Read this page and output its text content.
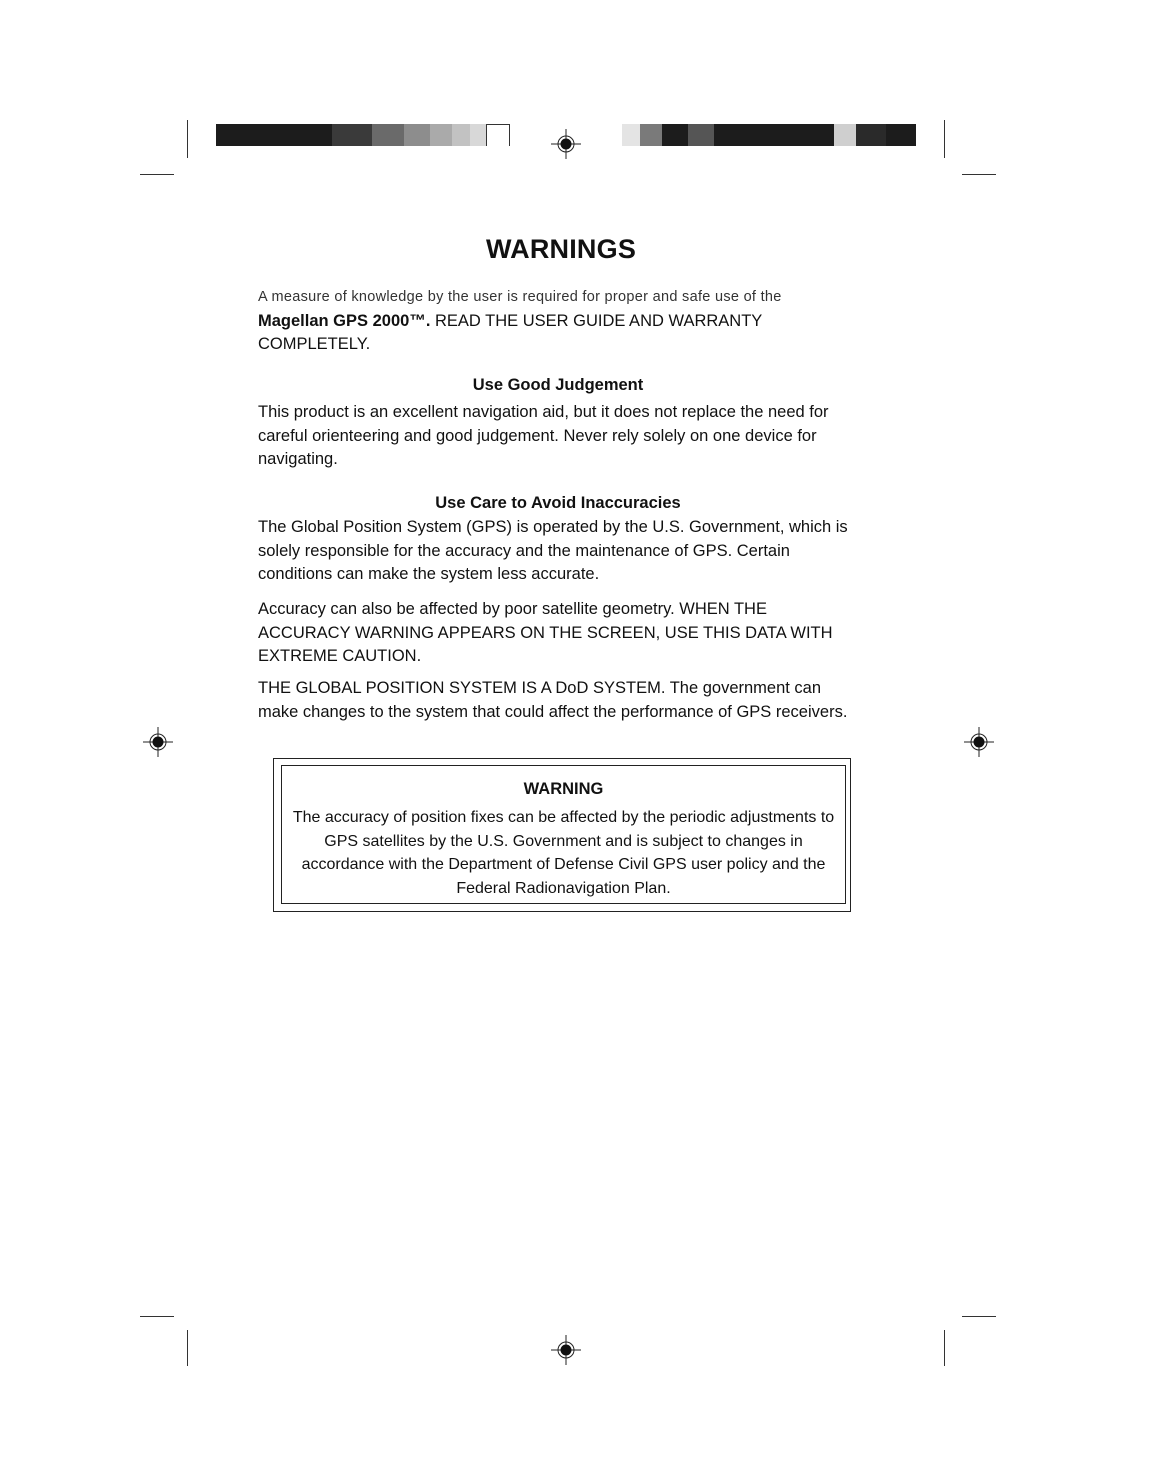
WARNINGS

A measure of knowledge by the user is required for proper and safe use of the
Magellan GPS 2000™. READ THE USER GUIDE AND WARRANTY COMPLETELY.

Use Good Judgement

This product is an excellent navigation aid, but it does not replace the need for careful orienteering and good judgement. Never rely solely on one device for navigating.

Use Care to Avoid Inaccuracies

The Global Position System (GPS) is operated by the U.S. Government, which is solely responsible for the accuracy and the maintenance of GPS. Certain conditions can make the system less accurate.

Accuracy can also be affected by poor satellite geometry. WHEN THE ACCURACY WARNING APPEARS ON THE SCREEN, USE THIS DATA WITH EXTREME CAUTION.

THE GLOBAL POSITION SYSTEM IS A DoD SYSTEM. The government can make changes to the system that could affect the performance of GPS receivers.

WARNING

The accuracy of position fixes can be affected by the periodic adjustments to GPS satellites by the U.S. Government and is subject to changes in accordance with the Department of Defense Civil GPS user policy and the Federal Radionavigation Plan.
